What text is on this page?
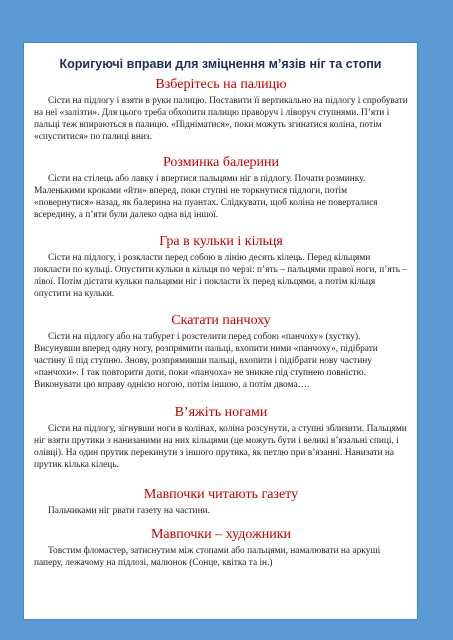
Коригуючі вправи для зміцнення м’язів ніг та стопи
Взберітесь на палицю

Сісти на підлогу і взяти в руки палицю. Поставити її вертикально на підлогу і спробувати на неї «залізти». Для цього треба обхопити палицю праворуч і ліворуч ступнями. П’яти і пальці теж впираються в палицю. «Піднiматися», поки можуть згинатися коліна, потім «спуститися» по палиці вниз.

Розминка балерини

Сісти на стілець або лавку і впертися пальцями ніг в підлогу. Почати розминку. Маленькими кроками «йти» вперед, поки ступні не торкнутися підлоги, потім «повернутися» назад, як балерина на пуантах. Слідкувати, щоб коліна не поверталися всередину, а п’яти були далеко одна від іншої.

Гра в кульки і кільця

Сісти на підлогу, і розкласти перед собою в лінію десять кілець. Перед кільцями покласти по кульці. Опустити кульки в кільця по черзі: п’ять – пальцями правої ноги, п’ять – лівої. Потім дістати кульки пальцями ніг і покласти їх перед кільцями, а потім кільця опустити на кульки.

Скатати панчоху

Сісти на підлогу або на табурет і розстелити перед собою «панчоху» (хустку). Висунувши вперед одну ногу, розпрямити пальці, вхопити ними «панчоху», підібрати частину її під ступню. Знову, розпрямивши пальці, вхопити і підібрати нову частину «панчохи». І так повторити доти, поки «панчоха» не зникне під ступнею повністю. Виконувати цю вправу однією ногою, потім іншою, а потім двома….

В’яжіть ногами

Сісти на підлогу, зігнувши ноги в колінах, коліна розсунути, а ступні зблизити. Пальцями ніг взяти прутики з нанизаними на них кільцями (це можуть бути і великі в’язальні спиці, і олівці). На один прутик перекинути з іншого прутика, як петлю при в’язанні. Нанизати на прутик кілька кілець.

Мавпочки читають газету

Пальчиками ніг рвати газету на частини.

Мавпочки – художники

Товстим фломастер, затиснутим між стопами або пальцями, намалювати на аркуші паперу, лежачому на підлозі, малюнок (Сонце, квітка та ін.)
